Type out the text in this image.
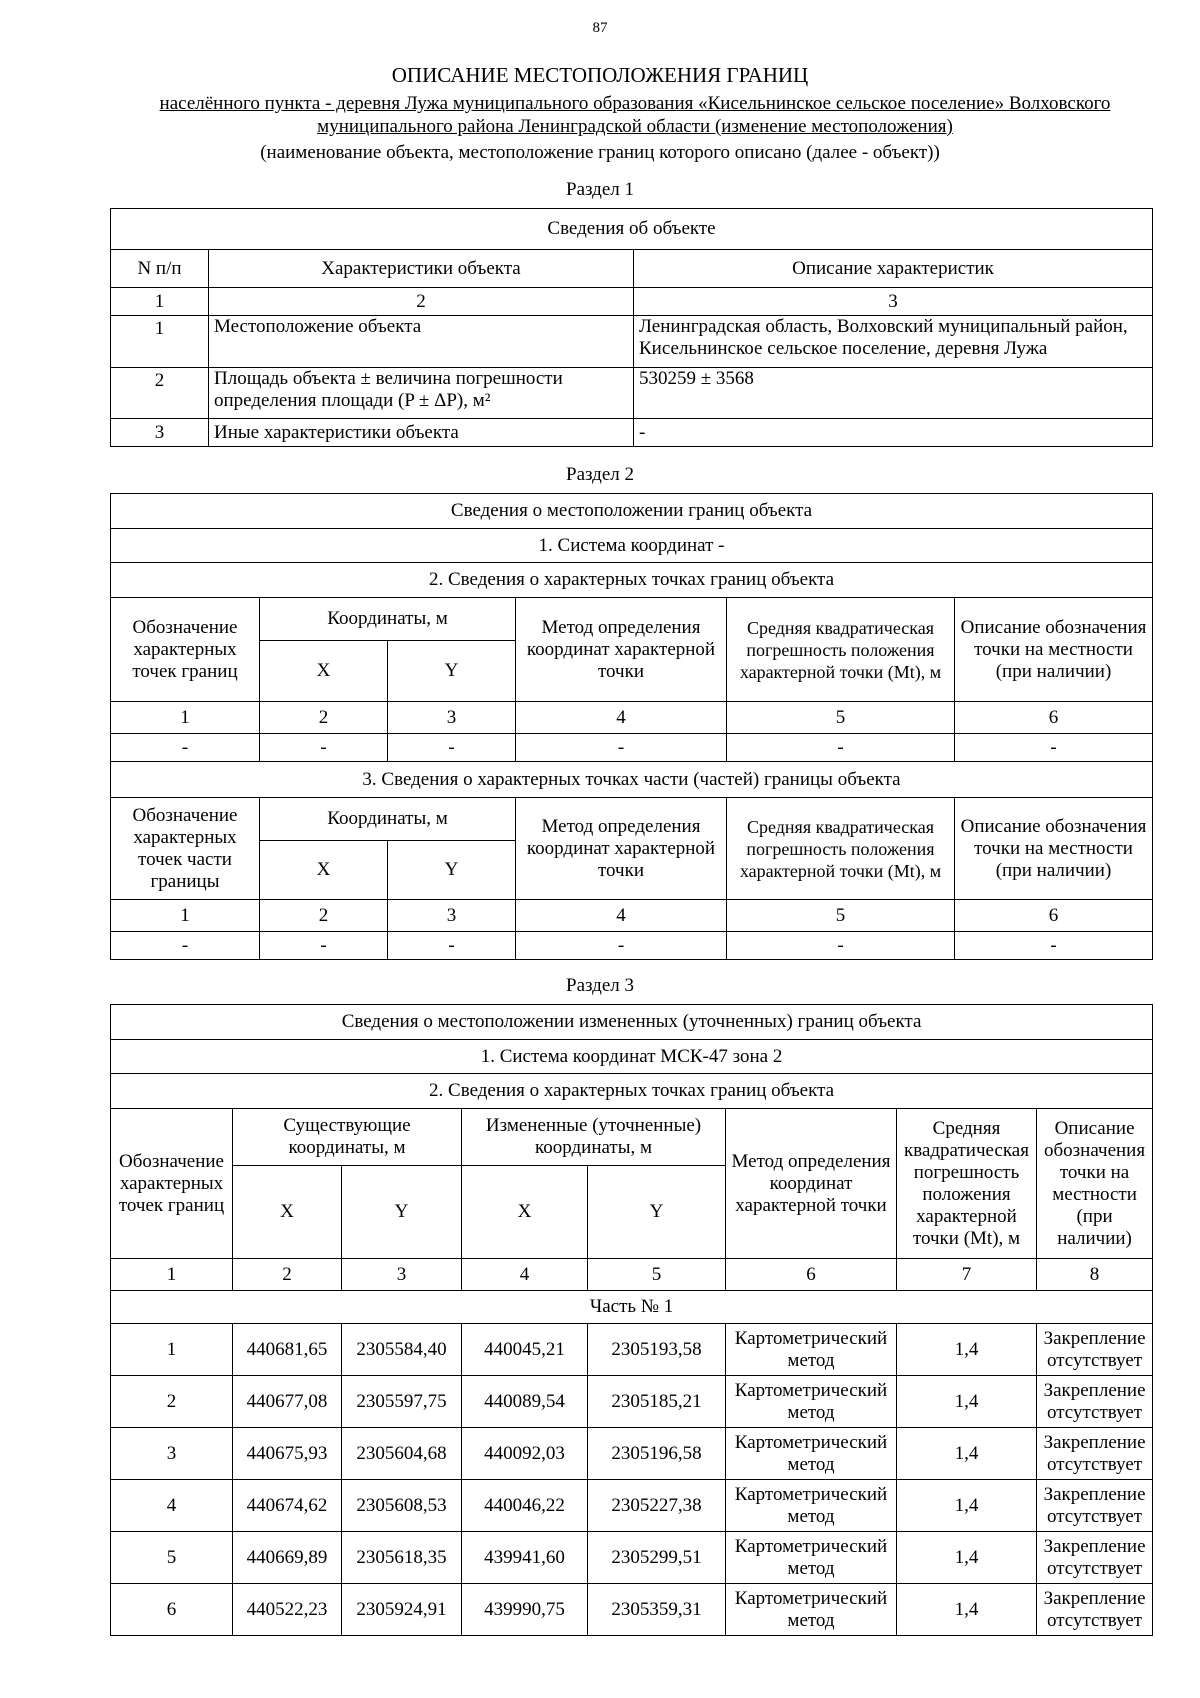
87
ОПИСАНИЕ МЕСТОПОЛОЖЕНИЯ ГРАНИЦ
населённого пункта - деревня Лужа муниципального образования «Кисельнинское сельское поселение» Волховского муниципального района Ленинградской области (изменение местоположения)
(наименование объекта, местоположение границ которого описано (далее - объект))
Раздел 1
Сведения об объекте		
N п/п	Характеристики объекта	Описание характеристик
1	2	3
1	Местоположение объекта	Ленинградская область, Волховский муниципальный район, Кисельнинское сельское поселение, деревня Лужа
2	Площадь объекта ± величина погрешности определения площади (P ± ΔP), м²	530259 ± 3568
3	Иные характеристики объекта	-
Раздел 2
Сведения о местоположении границ объекта					
1. Система координат -					
2. Сведения о характерных точках границ объекта					
Обозначение характерных точек границ	Координаты, м		Метод определения координат характерной точки	Средняя квадратическая погрешность положения характерной точки (Mt), м	Описание обозначения точки на местности (при наличии)
	X	Y			
1	2	3	4	5	6
-	-	-	-	-	-
3. Сведения о характерных точках части (частей) границы объекта					
Обозначение характерных точек части границы	Координаты, м		Метод определения координат характерной точки	Средняя квадратическая погрешность положения характерной точки (Mt), м	Описание обозначения точки на местности (при наличии)
	X	Y			
1	2	3	4	5	6
-	-	-	-	-	-
Раздел 3
Сведения о местоположении измененных (уточненных) границ объекта							
1. Система координат МСК-47 зона 2							
2. Сведения о характерных точках границ объекта							
Обозначение характерных точек границ	Существующие координаты, м		Измененные (уточненные) координаты, м		Метод определения координат характерной точки	Средняя квадратическая погрешность положения характерной точки (Mt), м	Описание обозначения точки на местности (при наличии)
	X	Y	X	Y			
1	2	3	4	5	6	7	8
Часть № 1							
1	440681,65	2305584,40	440045,21	2305193,58	Картометрический метод	1,4	Закрепление отсутствует
2	440677,08	2305597,75	440089,54	2305185,21	Картометрический метод	1,4	Закрепление отсутствует
3	440675,93	2305604,68	440092,03	2305196,58	Картометрический метод	1,4	Закрепление отсутствует
4	440674,62	2305608,53	440046,22	2305227,38	Картометрический метод	1,4	Закрепление отсутствует
5	440669,89	2305618,35	439941,60	2305299,51	Картометрический метод	1,4	Закрепление отсутствует
6	440522,23	2305924,91	439990,75	2305359,31	Картометрический метод	1,4	Закрепление отсутствует
